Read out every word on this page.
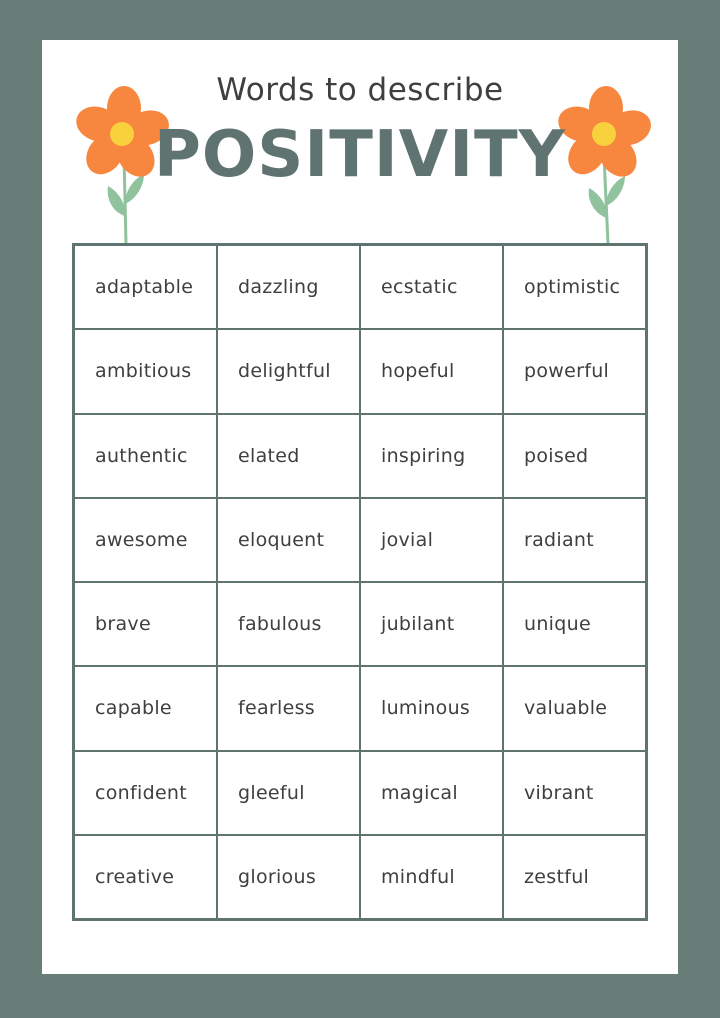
Words to describe
POSITIVITY
adaptable	dazzling	ecstatic	optimistic
ambitious	delightful	hopeful	powerful
authentic	elated	inspiring	poised
awesome	eloquent	jovial	radiant
brave	fabulous	jubilant	unique
capable	fearless	luminous	valuable
confident	gleeful	magical	vibrant
creative	glorious	mindful	zestful
